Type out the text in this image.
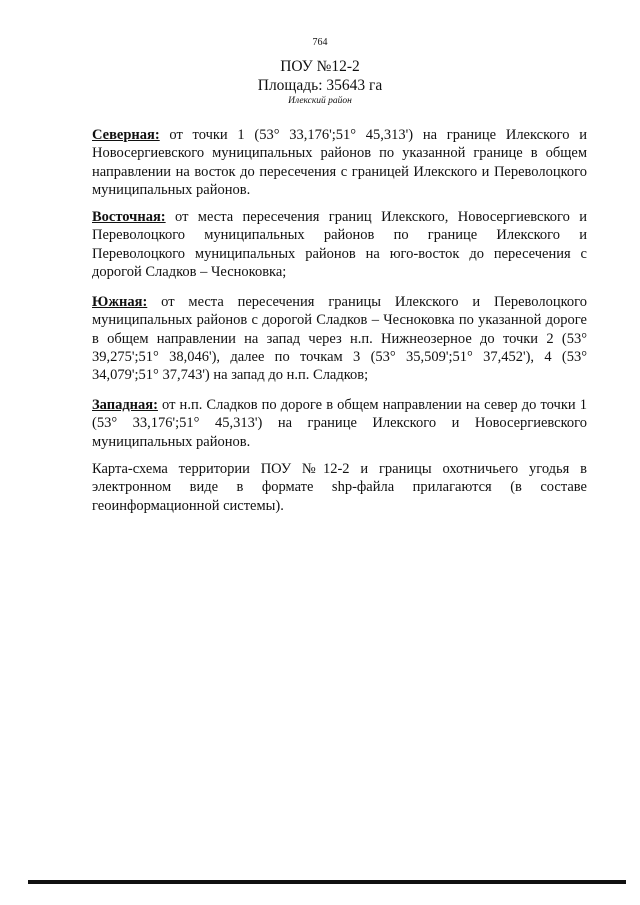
764
ПОУ №12-2
Площадь: 35643 га
Илекский район

Северная: от точки 1 (53° 33,176';51° 45,313') на границе Илекского и Новосергиевского муниципальных районов по указанной границе в общем направлении на восток до пересечения с границей Илекского и Переволоцкого муниципальных районов.

Восточная: от места пересечения границ Илекского, Новосергиевского и Переволоцкого муниципальных районов по границе Илекского и Переволоцкого муниципальных районов на юго-восток до пересечения с дорогой Сладков – Чесноковка;

Южная: от места пересечения границы Илекского и Переволоцкого муниципальных районов с дорогой Сладков – Чесноковка по указанной дороге в общем направлении на запад через н.п. Нижнеозерное до точки 2 (53° 39,275';51° 38,046'), далее по точкам 3 (53° 35,509';51° 37,452'), 4 (53° 34,079';51° 37,743') на запад до н.п. Сладков;

Западная: от н.п. Сладков по дороге в общем направлении на север до точки 1 (53° 33,176';51° 45,313') на границе Илекского и Новосергиевского муниципальных районов.

Карта-схема территории ПОУ №12-2 и границы охотничьего угодья в электронном виде в формате shp-файла прилагаются (в составе геоинформационной системы).
